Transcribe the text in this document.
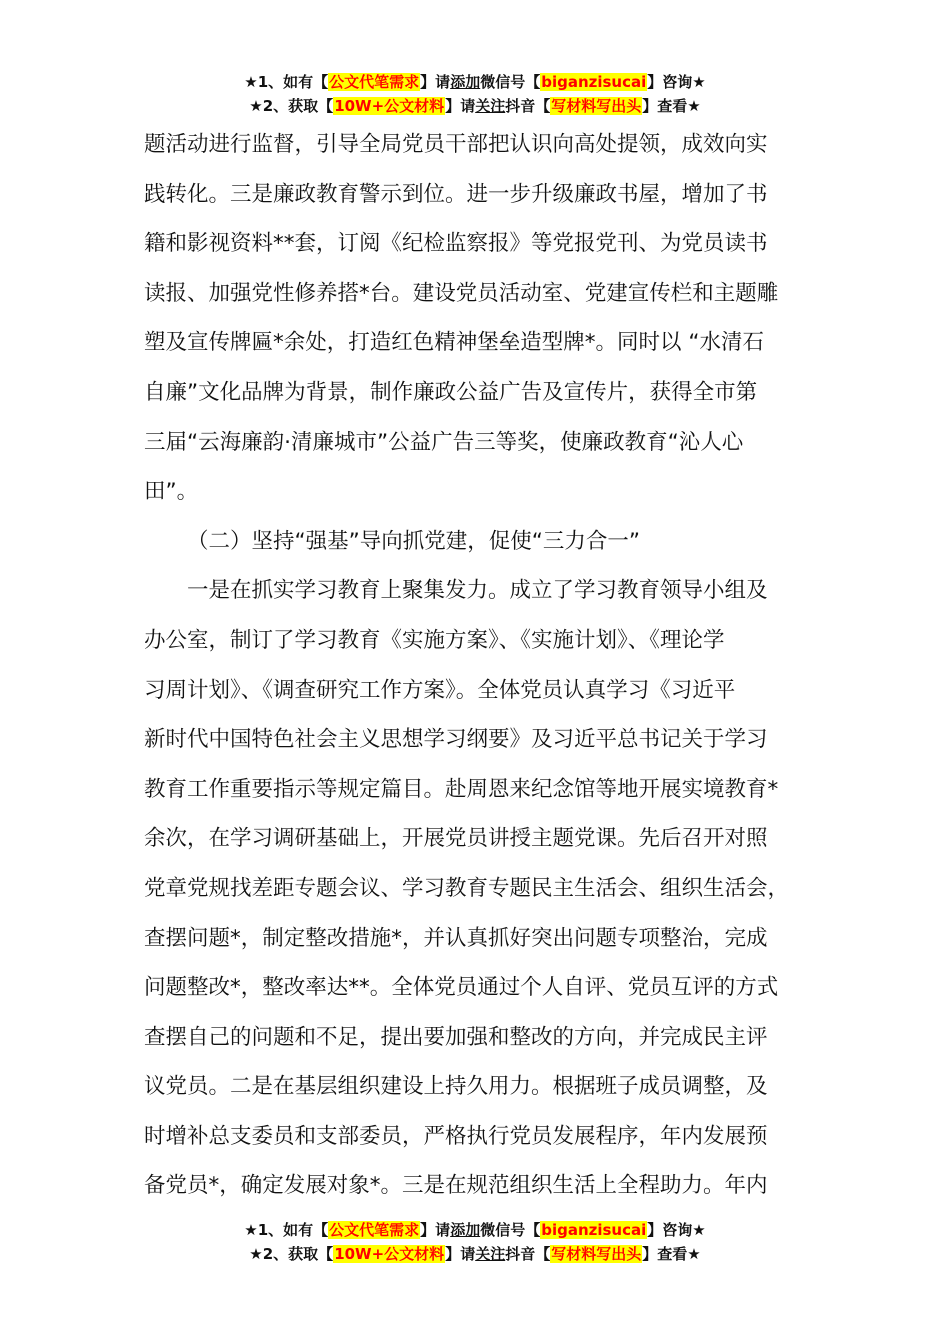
★1、如有【公文代笔需求】请添加微信号【biganzisucai】咨询★
★2、获取【10W+公文材料】请关注抖音【写材料写出头】查看★
题活动进行监督，引导全局党员干部把认识向高处提领，成效向实
践转化。三是廉政教育警示到位。进一步升级廉政书屋，增加了书
籍和影视资料**套，订阅《纪检监察报》等党报党刊、为党员读书
读报、加强党性修养搭*台。建设党员活动室、党建宣传栏和主题雕
塑及宣传牌匾*余处，打造红色精神堡垒造型牌*。同时以 “水清石
自廉”文化品牌为背景，制作廉政公益广告及宣传片，获得全市第
三届“云海廉韵·清廉城市”公益广告三等奖，使廉政教育“沁人心
田”。
（二）坚持“强基”导向抓党建，促使“三力合一”
一是在抓实学习教育上聚集发力。成立了学习教育领导小组及
办公室，制订了学习教育《实施方案》、《实施计划》、《理论学
习周计划》、《调查研究工作方案》。全体党员认真学习《习近平
新时代中国特色社会主义思想学习纲要》及习近平总书记关于学习
教育工作重要指示等规定篇目。赴周恩来纪念馆等地开展实境教育*
余次，在学习调研基础上，开展党员讲授主题党课。先后召开对照
党章党规找差距专题会议、学习教育专题民主生活会、组织生活会，
查摆问题*，制定整改措施*，并认真抓好突出问题专项整治，完成
问题整改*，整改率达**。全体党员通过个人自评、党员互评的方式
查摆自己的问题和不足，提出要加强和整改的方向，并完成民主评
议党员。二是在基层组织建设上持久用力。根据班子成员调整，及
时增补总支委员和支部委员，严格执行党员发展程序，年内发展预
备党员*，确定发展对象*。三是在规范组织生活上全程助力。年内
★1、如有【公文代笔需求】请添加微信号【biganzisucai】咨询★
★2、获取【10W+公文材料】请关注抖音【写材料写出头】查看★
